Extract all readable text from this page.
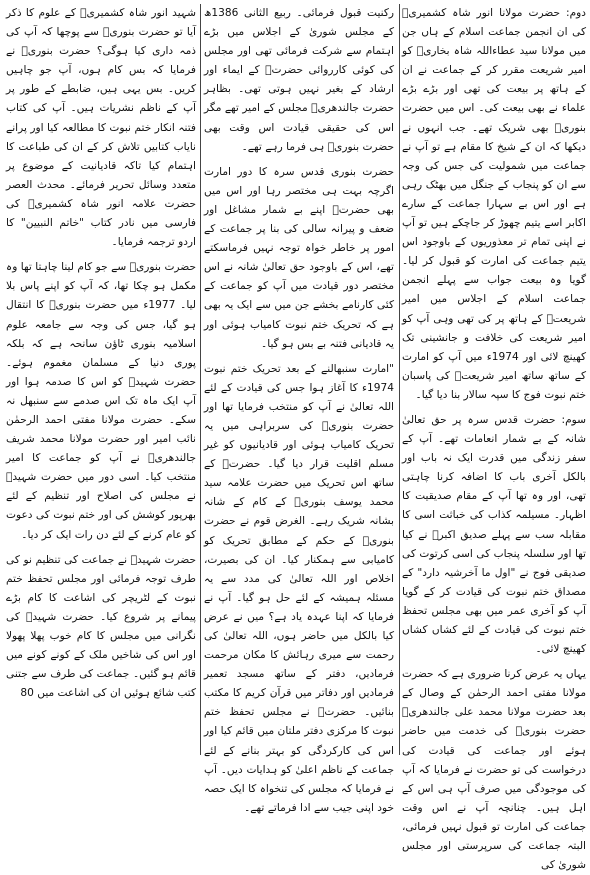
دوم: حضرت مولانا انور شاہ کشمیریؒ کی ان انجمن جماعت اسلام کے ہاں جن میں مولانا سید عطاءاللہ شاہ بخاریؒ کو امیر شریعت مقرر کر کے جماعت نے ان کے ہاتھ پر بیعت کی تھی اور بڑے بڑے علماء نے بھی بیعت کی۔ اس میں حضرت بنوریؒ بھی شریک تھے۔ جب انہوں نے دیکھا کہ ان کے شیخ کا مقام ہے تو آپ نے جماعت میں شمولیت کی جس کی وجہ سے ان کو پنجاب کے جنگل میں بھٹک رہی ہے اور اس بے سہارا جماعت کے سارے اکابر اسے یتیم چھوڑ کر جاچکے ہیں تو آپ نے اپنی تمام تر معذوریوں کے باوجود اس یتیم جماعت کی امارت کو قبول کر لیا۔ گویا وہ بیعت جواب سے پہلے انجمن جماعت اسلام کے اجلاس میں امیر شریعتؒ کے ہاتھ پر کی تھی وہی آپ کو امیر شریعت کی خلافت و جانشینی تک کھینچ لائی اور 1974ء میں آپ کو امارت کے ساتھ ساتھ امیر شریعتؒ کی پاسبان ختم نبوت فوج کا سپہ سالار بنا دیا گیا۔

سوم: حضرت قدس سرہ پر حق تعالیٰ شانہ کے بے شمار انعامات تھے۔ آپ کے سفر زندگی میں قدرت ایک نہ باب اور بالکل آخری باب کا اضافہ کرنا چاہتی تھی، اور وہ تھا آپ کے مقام صدیقیت کا اظہار۔ مسیلمہ کذاب کی خباثت اسی کا مقابلہ سب سے پہلے صدیق اکبرؓ نے کیا تھا اور سلسلہ پنجاب کی اسی کرتوت کی صدیقی فوج نے "اول ما آخرشیہ دارد" کے مصداق ختم نبوت کی قیادت کر کے گویا آپ کو آخری عمر میں بھی مجلس تحفظ ختم نبوت کی قیادت کے لئے کشاں کشاں کھینچ لائی۔

یہاں یہ عرض کرنا ضروری ہے کہ حضرت مولانا مفتی احمد الرحمٰن کے وصال کے بعد حضرت مولانا محمد علی جالندھریؒ حضرت بنوریؒ کی خدمت میں حاضر ہوئے اور جماعت کی قیادت کی درخواست کی تو حضرت نے فرمایا کہ آپ کی موجودگی میں صرف آپ ہی اس کے اہل ہیں۔ چنانچہ آپ نے اس وقت جماعت کی امارت تو قبول نہیں فرمائی، البتہ جماعت کی سرپرستی اور مجلس شوریٰ کی

رکنیت قبول فرمائی۔ ربیع الثانی 1386ھ کے مجلس شوریٰ کے اجلاس میں بڑے اہتمام سے شرکت فرمائی تھی اور مجلس کی کوئی کارروائی حضرتؒ کے ایماء اور ارشاد کے بغیر نہیں ہوتی تھی۔ بظاہر حضرت جالندھریؒ مجلس کے امیر تھے مگر اس کی حقیقی قیادت اس وقت بھی حضرت بنوریؒ ہی فرما رہے تھے۔

حضرت بنوری قدس سرہ کا دور امارت اگرچہ بہت ہی مختصر رہا اور اس میں بھی حضرتؒ اپنے بے شمار مشاغل اور ضعف و پیرانہ سالی کی بنا پر جماعت کے امور پر خاطر خواہ توجہ نہیں فرماسکتے تھے، اس کے باوجود حق تعالیٰ شانہ نے اس مختصر دور قیادت میں آپ کو جماعت کے کئی کارنامے بخشے جن میں سے ایک یہ بھی ہے کہ تحریک ختم نبوت کامیاب ہوئی اور یہ قادیانی فتنہ بے بس ہو گیا۔

"امارت سنبھالنے کے بعد تحریک ختم نبوت 1974ء کا آغاز ہوا جس کی قیادت کے لئے اللہ تعالیٰ نے آپ کو منتخب فرمایا تھا اور حضرت بنوریؒ کی سربراہی میں یہ تحریک کامیاب ہوئی اور قادیانیوں کو غیر مسلم اقلیت قرار دیا گیا۔ حضرتؒ کے ساتھ اس تحریک میں حضرت علامہ سید محمد یوسف بنوریؒ کے کام کے شانہ بشانہ شریک رہے۔ الغرض قوم نے حضرت بنوریؒ کے حکم کے مطابق تحریک کو کامیابی سے ہمکنار کیا۔ ان کی بصیرت، اخلاص اور اللہ تعالیٰ کی مدد سے یہ مسئلہ ہمیشہ کے لئے حل ہو گیا۔ آپ نے فرمایا کہ اپنا عہدہ یاد ہے؟ میں نے عرض کیا بالکل میں حاضر ہوں، اللہ تعالیٰ کی رحمت سے میری رہائش کا مکان مرحمت فرمادیں، دفتر کے ساتھ مسجد تعمیر فرمادیں اور دفاتر میں قرآن کریم کا مکتب بنائیں۔ حضرتؒ نے مجلس تحفظ ختم نبوت کا مرکزی دفتر ملتان میں قائم کیا اور اس کی کارکردگی کو بہتر بنانے کے لئے جماعت کے ناظم اعلیٰ کو ہدایات دیں۔ آپ نے فرمایا کہ مجلس کی تنخواہ کا ایک حصہ خود اپنی جیب سے ادا فرماتے تھے۔

شہید انور شاہ کشمیریؒ کے علوم کا ذکر آیا تو حضرت بنوریؒ سے پوچھا کہ آپ کی ذمہ داری کیا ہوگی؟ حضرت بنوریؒ نے فرمایا کہ بس کام ہوں، آپ جو چاہیں کریں۔ بس یہی ہیں، ضابطے کے طور پر آپ کے ناظم نشریات ہیں۔ آپ کی کتاب فتنہ انکار ختم نبوت کا مطالعہ کیا اور پرانے نایاب کتابیں تلاش کر کے ان کی طباعت کا اہتمام کیا تاکہ قادیانیت کے موضوع پر متعدد وسائل تحریر فرمائے۔ محدث العصر حضرت علامہ انور شاہ کشمیریؒ کی فارسی میں نادر کتاب "خاتم النبیین" کا اردو ترجمہ فرمایا۔

حضرت بنوریؒ سے جو کام لینا چاہتا تھا وہ مکمل ہو چکا تھا، کہ آپ کو اپنے پاس بلا لیا۔ 1977ء میں حضرت بنوریؒ کا انتقال ہو گیا، جس کی وجہ سے جامعہ علوم اسلامیہ بنوری ٹاؤن سانحہ ہے کہ بلکہ پوری دنیا کے مسلمان مغموم ہوئے۔ حضرت شہیدؒ کو اس کا صدمہ ہوا اور آپ ایک ماہ تک اس صدمے سے سنبھل نہ سکے۔ حضرت مولانا مفتی احمد الرحمٰن نائب امیر اور حضرت مولانا محمد شریف جالندھریؒ نے آپ کو جماعت کا امیر منتخب کیا۔ اسی دور میں حضرت شہیدؒ نے مجلس کی اصلاح اور تنظیم کے لئے بھرپور کوشش کی اور ختم نبوت کی دعوت کو عام کرنے کے لئے دن رات ایک کر دیا۔

حضرت شہیدؒ نے جماعت کی تنظیم نو کی طرف توجہ فرمائی اور مجلس تحفظ ختم نبوت کے لٹریچر کی اشاعت کا کام بڑے پیمانے پر شروع کیا۔ حضرت شہیدؒ کی نگرانی میں مجلس کا کام خوب پھلا پھولا اور اس کی شاخیں ملک کے کونے کونے میں قائم ہو گئیں۔ جماعت کی طرف سے جتنی کتب شائع ہوئیں ان کی اشاعت میں 80
